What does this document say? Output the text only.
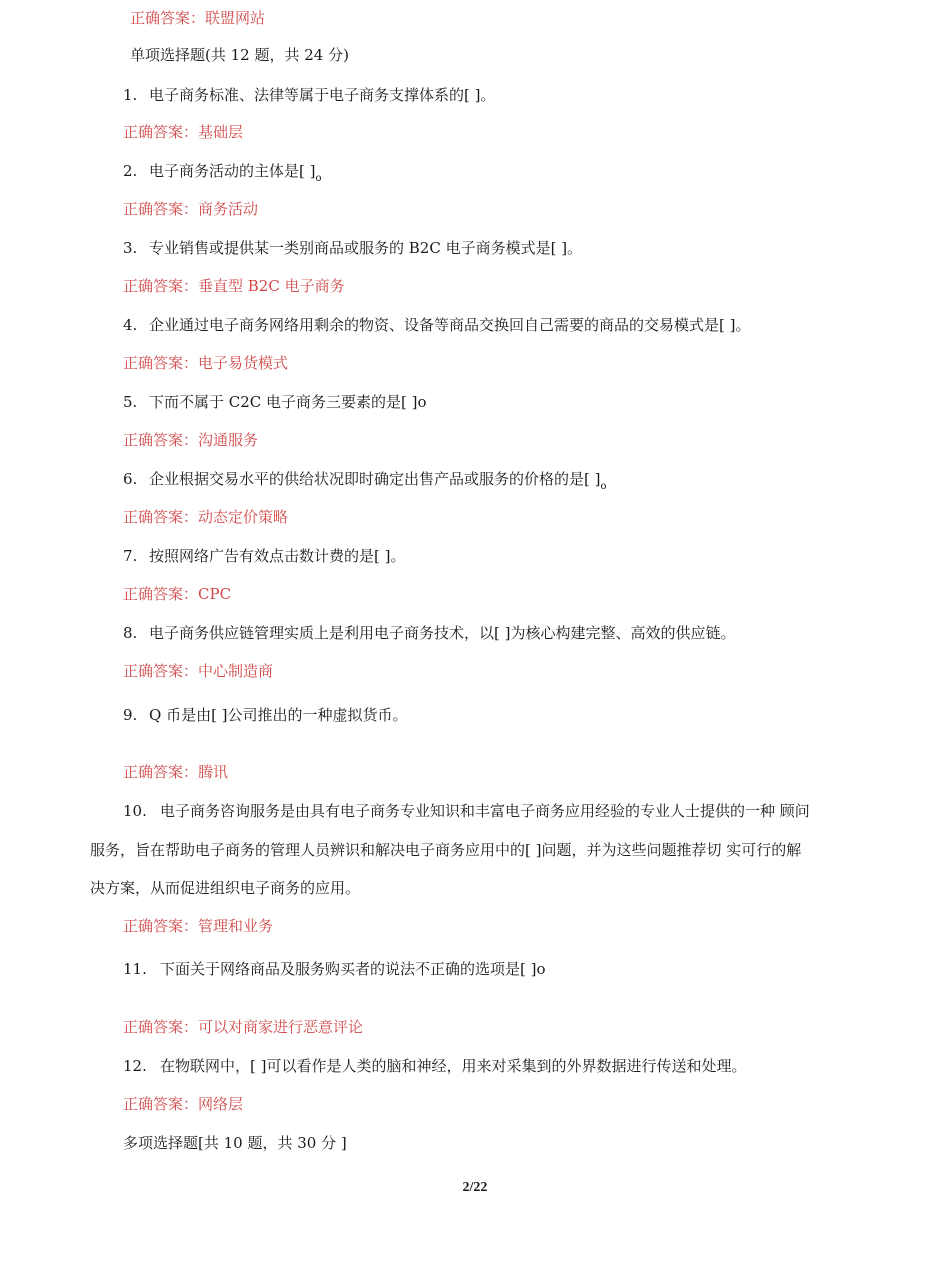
正确答案：联盟网站

单项选择题(共 12 题，共 24 分)

1. 电子商务标准、法律等属于电子商务支撑体系的[ ]。

正确答案：基础层

2. 电子商务活动的主体是[ ]$_o$

正确答案：商务活动

3. 专业销售或提供某一类别商品或服务的 B2C 电子商务模式是[ ]。

正确答案：垂直型 B2C 电子商务

4. 企业通过电子商务网络用剩余的物资、设备等商品交换回自己需要的商品的交易模式是[ ]。

正确答案：电子易货模式

5. 下而不属于 C2C 电子商务三要素的是[ ]o

正确答案：沟通服务

6. 企业根据交易水平的供给状况即时确定出售产品或服务的价格的是[ ]$_o$

正确答案：动态定价策略

7. 按照网络广告有效点击数计费的是[ ]。

正确答案：CPC

8. 电子商务供应链管理实质上是利用电子商务技术，以[ ]为核心构建完整、高效的供应链。

正确答案：中心制造商

9. Q 币是由[ ]公司推出的一种虚拟货币。

正确答案：腾讯

10. 电子商务咨询服务是由具有电子商务专业知识和丰富电子商务应用经验的专业人士提供的一种 顾问

服务，旨在帮助电子商务的管理人员辨识和解决电子商务应用中的[ ]问题，并为这些问题推荐切 实可行的解

决方案，从而促进组织电子商务的应用。

正确答案：管理和业务

11. 下面关于网络商品及服务购买者的说法不正确的选项是[ ]o

正确答案：可以对商家进行恶意评论

12. 在物联网中，[ ]可以看作是人类的脑和神经，用来对采集到的外界数据进行传送和处理。

正确答案：网络层

多项选择题[共 10 题，共 30 分 ]

2/22
